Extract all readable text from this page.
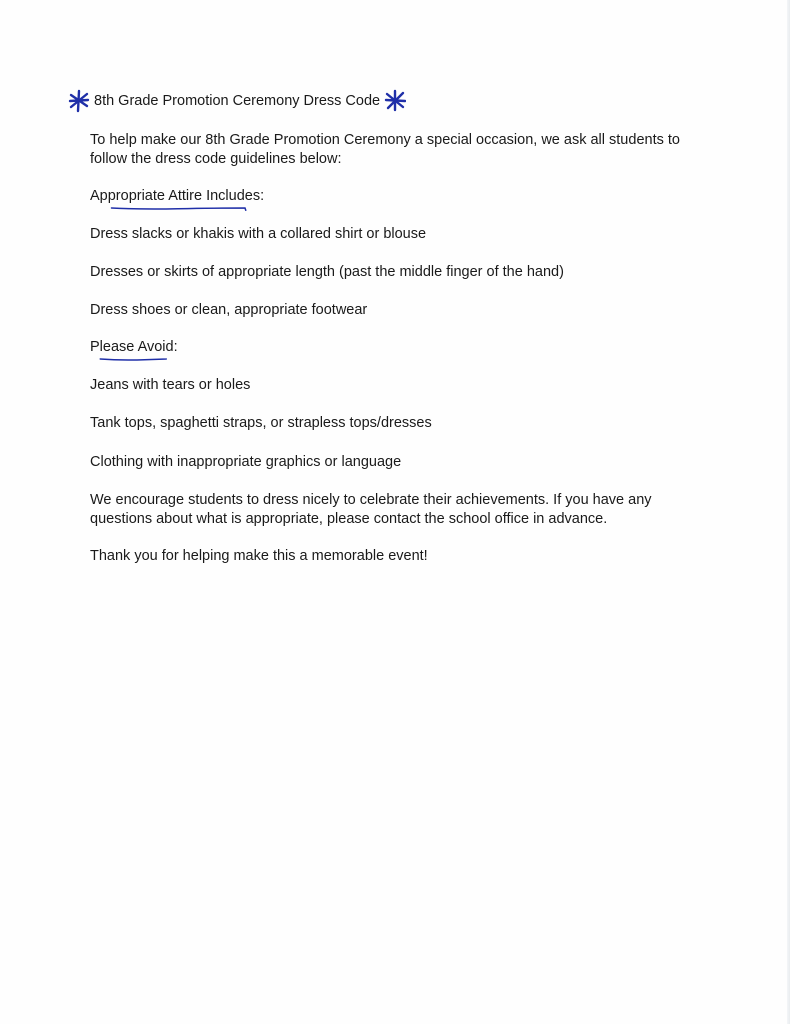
8th Grade Promotion Ceremony Dress Code
To help make our 8th Grade Promotion Ceremony a special occasion, we ask all students to follow the dress code guidelines below:
Appropriate Attire Includes:
Dress slacks or khakis with a collared shirt or blouse
Dresses or skirts of appropriate length (past the middle finger of the hand)
Dress shoes or clean, appropriate footwear
Please Avoid:
Jeans with tears or holes
Tank tops, spaghetti straps, or strapless tops/dresses
Clothing with inappropriate graphics or language
We encourage students to dress nicely to celebrate their achievements. If you have any questions about what is appropriate, please contact the school office in advance.
Thank you for helping make this a memorable event!
